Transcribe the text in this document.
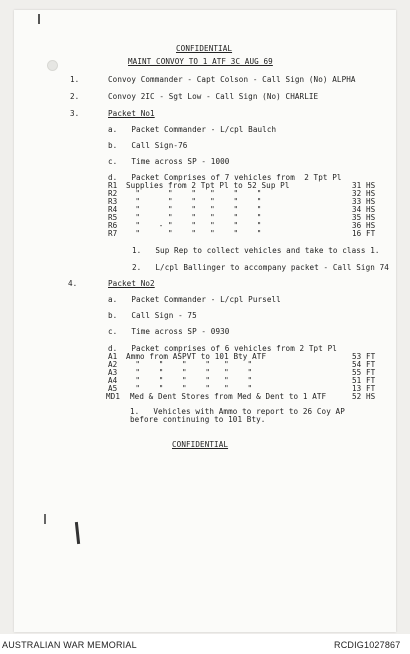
CONFIDENTIAL
MAINT CONVOY TO 1 ATF 3C AUG 69
1.	Convoy Commander - Capt Colson - Call Sign (No) ALPHA
2.	Convoy 2IC - Sgt Low - Call Sign (No) CHARLIE
3.	Packet No1
a.   Packet Commander - L/cpl Baulch
b.   Call Sign-76
c.   Time across SP - 1000
d.   Packet Comprises of 7 vehicles from  2 Tpt Pl
R1 Supplies from 2 Tpt Pl to 52 Sup Pl	31 HS
R2 "      "    "   "    "    "	32 HS
R3 "      "    "   "    "    "	33 HS
R4 "      "    "   "    "    "	34 HS
R5 "      "    "   "    "    "	35 HS
R6 "    - "    "   "    "    "	36 HS
R7 "      "    "   "    "    "	16 FT
1.   Sup Rep to collect vehicles and take to class 1.
2.   L/cpl Ballinger to accompany packet - Call Sign 74
4.	Packet No2
a.   Packet Commander - L/cpl Pursell
b.   Call Sign - 75
c.   Time across SP - 0930
d.   Packet comprises of 6 vehicles from 2 Tpt Pl
A1 Ammo from ASPVT to 101 Bty ATF	53 FT
A2 "    "    "    "   "    "	54 FT
A3 "    "    "    "   "    "	55 FT
A4 "    "    "    "   "    "	51 FT
A5 "    "    "    "   "    "	13 FT
MD1 Med & Dent Stores from Med & Dent to 1 ATF	52 HS
1.   Vehicles with Ammo to report to 26 Coy AP
before continuing to 101 Bty.
CONFIDENTIAL
AUSTRALIAN WAR MEMORIAL	RCDIG1027867
